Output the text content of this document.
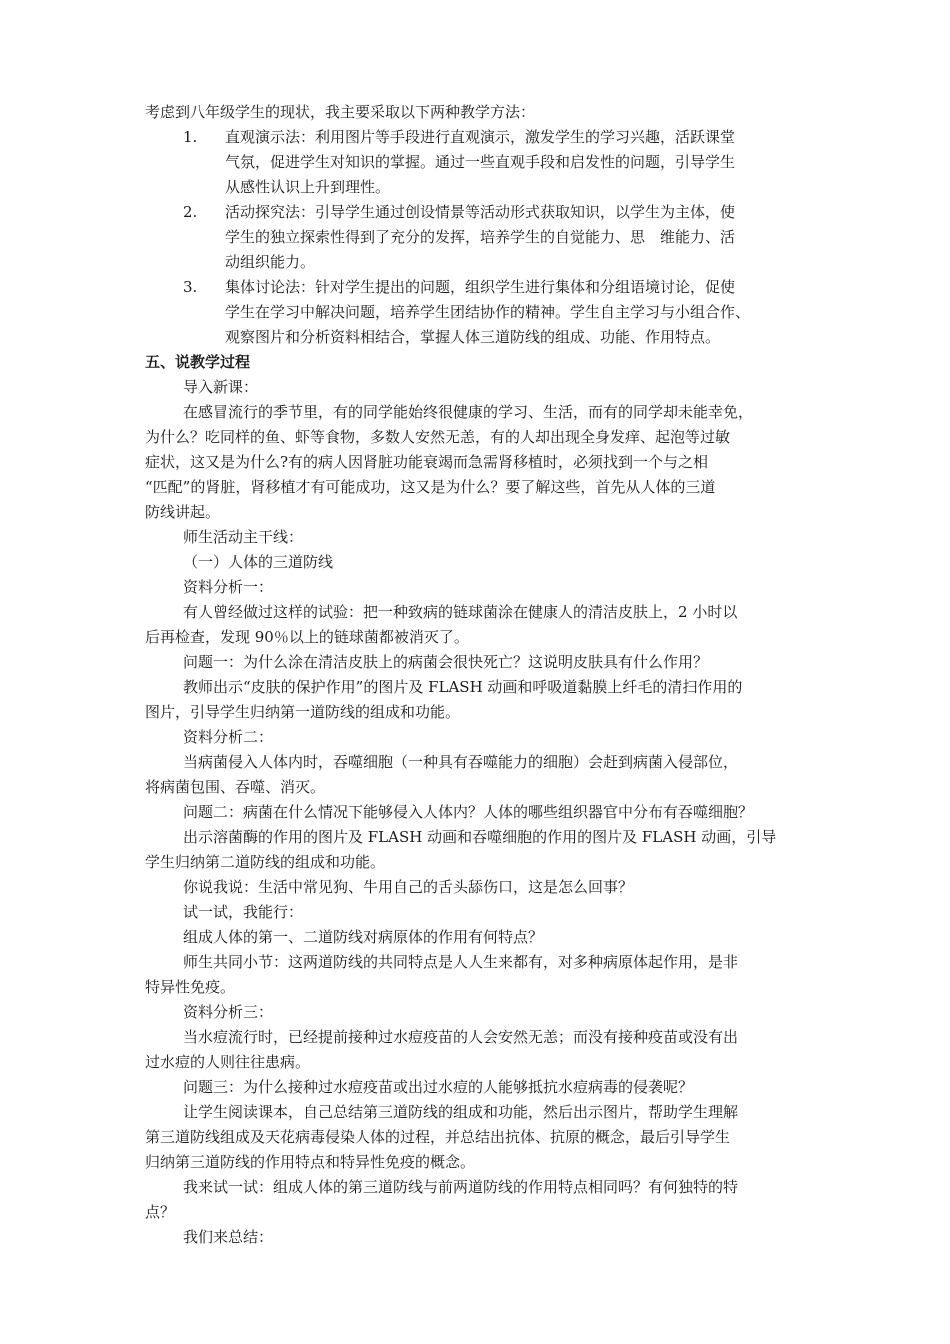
考虑到八年级学生的现状，我主要采取以下两种教学方法：
1.	直观演示法：利用图片等手段进行直观演示，激发学生的学习兴趣，活跃课堂
气氛，促进学生对知识的掌握。通过一些直观手段和启发性的问题，引导学生
从感性认识上升到理性。
2.	活动探究法：引导学生通过创设情景等活动形式获取知识，以学生为主体，使
学生的独立探索性得到了充分的发挥，培养学生的自觉能力、思　维能力、活
动组织能力。
3.	集体讨论法：针对学生提出的问题，组织学生进行集体和分组语境讨论，促使
学生在学习中解决问题，培养学生团结协作的精神。学生自主学习与小组合作、
观察图片和分析资料相结合，掌握人体三道防线的组成、功能、作用特点。
五、说教学过程
导入新课：
在感冒流行的季节里，有的同学能始终很健康的学习、生活，而有的同学却未能幸免，
为什么？吃同样的鱼、虾等食物，多数人安然无恙，有的人却出现全身发痒、起泡等过敏
症状，这又是为什么?有的病人因肾脏功能衰竭而急需肾移植时，必须找到一个与之相
“匹配”的肾脏，肾移植才有可能成功，这又是为什么？要了解这些，首先从人体的三道
防线讲起。
师生活动主干线：
（一）人体的三道防线
资料分析一：
有人曾经做过这样的试验：把一种致病的链球菌涂在健康人的清洁皮肤上，2 小时以
后再检查，发现 90％以上的链球菌都被消灭了。
问题一：为什么涂在清洁皮肤上的病菌会很快死亡？这说明皮肤具有什么作用？
教师出示“皮肤的保护作用”的图片及 FLASH 动画和呼吸道黏膜上纤毛的清扫作用的
图片，引导学生归纳第一道防线的组成和功能。
资料分析二：
当病菌侵入人体内时，吞噬细胞（一种具有吞噬能力的细胞）会赶到病菌入侵部位，
将病菌包围、吞噬、消灭。
问题二：病菌在什么情况下能够侵入人体内？人体的哪些组织器官中分布有吞噬细胞？
出示溶菌酶的作用的图片及 FLASH 动画和吞噬细胞的作用的图片及 FLASH 动画，引导
学生归纳第二道防线的组成和功能。
你说我说：生活中常见狗、牛用自己的舌头舔伤口，这是怎么回事？
试一试，我能行：
组成人体的第一、二道防线对病原体的作用有何特点？
师生共同小节：这两道防线的共同特点是人人生来都有，对多种病原体起作用，是非
特异性免疫。
资料分析三：
当水痘流行时，已经提前接种过水痘疫苗的人会安然无恙；而没有接种疫苗或没有出
过水痘的人则往往患病。
问题三：为什么接种过水痘疫苗或出过水痘的人能够抵抗水痘病毒的侵袭呢？
让学生阅读课本，自己总结第三道防线的组成和功能，然后出示图片，帮助学生理解
第三道防线组成及天花病毒侵染人体的过程，并总结出抗体、抗原的概念，最后引导学生
归纳第三道防线的作用特点和特异性免疫的概念。
我来试一试：组成人体的第三道防线与前两道防线的作用特点相同吗？有何独特的特
点？
我们来总结：
